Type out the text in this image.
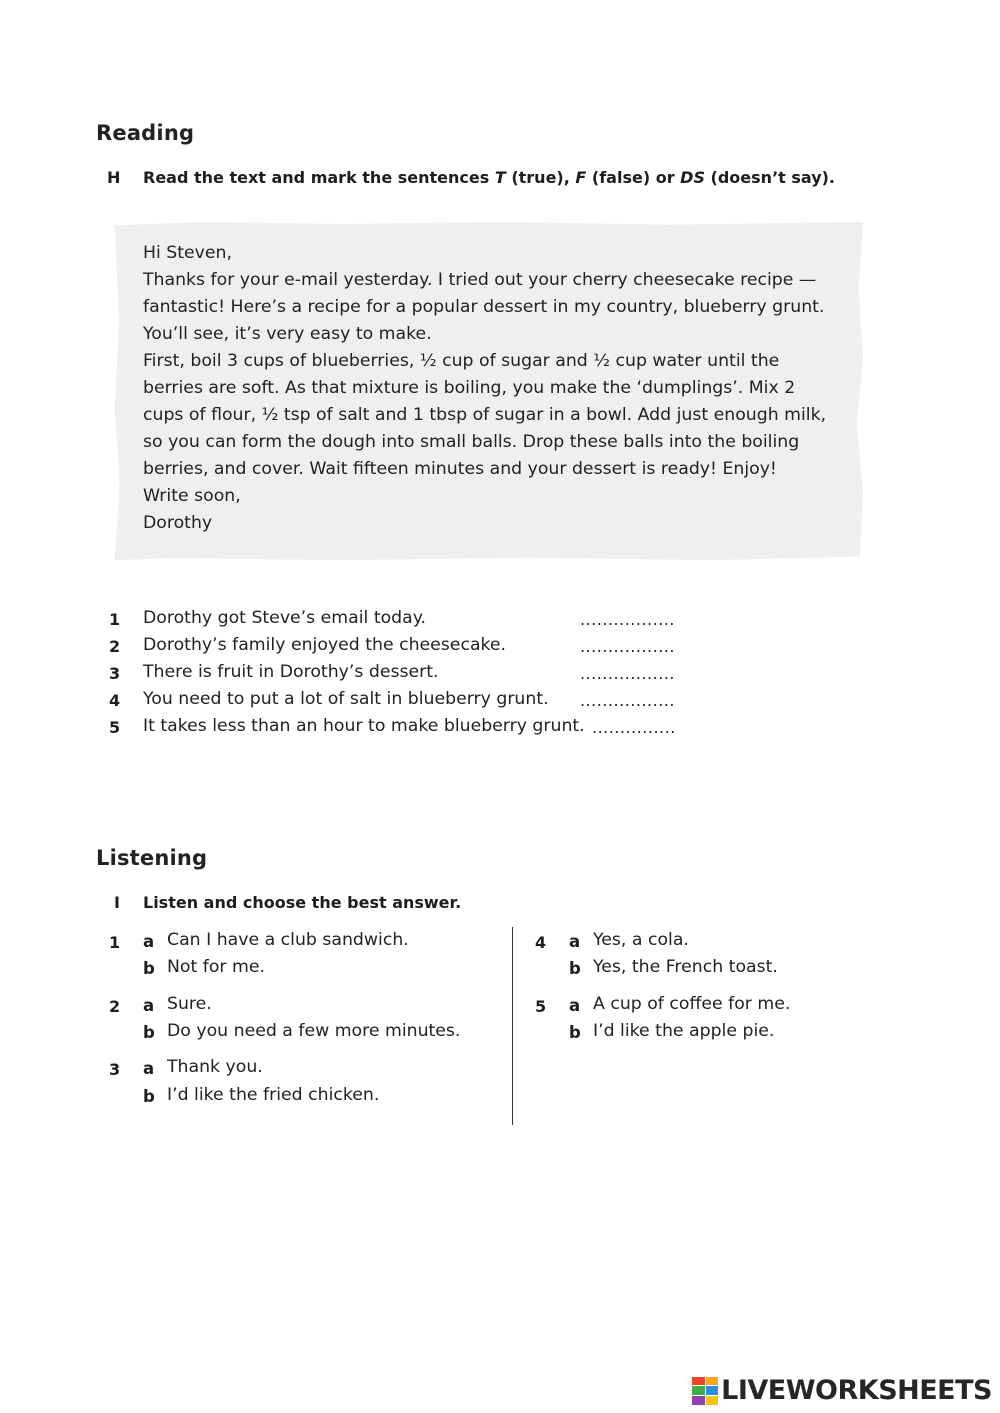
Reading
H Read the text and mark the sentences T (true), F (false) or DS (doesn’t say).
Hi Steven,
Thanks for your e-mail yesterday. I tried out your cherry cheesecake recipe —
fantastic! Here’s a recipe for a popular dessert in my country, blueberry grunt.
You’ll see, it’s very easy to make.
First, boil 3 cups of blueberries, ½ cup of sugar and ½ cup water until the
berries are soft. As that mixture is boiling, you make the ‘dumplings’. Mix 2
cups of flour, ½ tsp of salt and 1 tbsp of sugar in a bowl. Add just enough milk,
so you can form the dough into small balls. Drop these balls into the boiling
berries, and cover. Wait fifteen minutes and your dessert is ready! Enjoy!
Write soon,
Dorothy
1	Dorothy got Steve’s email today.	.................
2	Dorothy’s family enjoyed the cheesecake.	.................
3	There is fruit in Dorothy’s dessert.	.................
4	You need to put a lot of salt in blueberry grunt. .................
5	It takes less than an hour to make blueberry grunt. ...............
Listening
I Listen and choose the best answer.
1	a Can I have a club sandwich.
b Not for me.
2	a Sure.
b Do you need a few more minutes.
3	a Thank you.
b I’d like the fried chicken.
4	a Yes, a cola.
b Yes, the French toast.
5	a A cup of coffee for me.
b I’d like the apple pie.
LIVEWORKSHEETS
